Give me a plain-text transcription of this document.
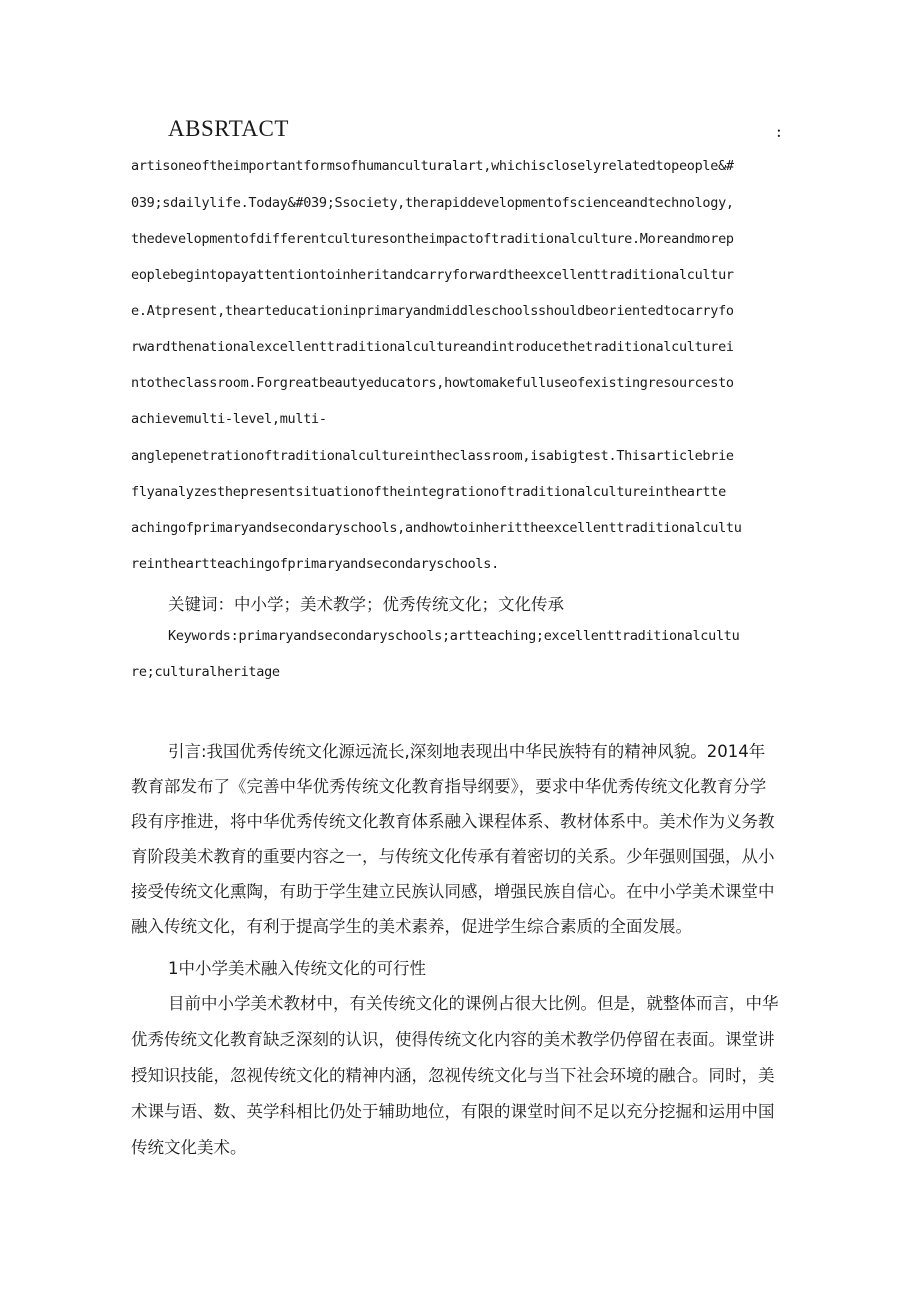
ABSRTACT	:
artisoneoftheimportantformsofhumanculturalart,whichiscloselyrelatedtopeople&#
039;sdailylife.Today&#039;Ssociety,therapiddevelopmentofscienceandtechnology,
thedevelopmentofdifferentculturesontheimpactoftraditionalculture.Moreandmorep
eoplebegintopayattentiontoinheritandcarryforwardtheexcellenttraditionalcultur
e.Atpresent,thearteducationinprimaryandmiddleschoolsshouldbeorientedtocarryfo
rwardthenationalexcellenttraditionalcultureandintroducethetraditionalculturei
ntotheclassroom.Forgreatbeautyeducators,howtomakefulluseofexistingresourcesto
achievemulti-level,multi-
anglepenetrationoftraditionalcultureintheclassroom,isabigtest.Thisarticlebrie
flyanalyzesthepresentsituationoftheintegrationoftraditionalcultureintheartte
achingofprimaryandsecondaryschools,andhowtoinherittheexcellenttraditionalcultu
reintheartteachingofprimaryandsecondaryschools.
关键词：中小学；美术教学；优秀传统文化；文化传承
Keywords:primaryandsecondaryschools;artteaching;excellenttraditionalcultu
re;culturalheritage
引言:我国优秀传统文化源远流长,深刻地表现出中华民族特有的精神风貌。2014年
教育部发布了《完善中华优秀传统文化教育指导纲要》，要求中华优秀传统文化教育分学
段有序推进，将中华优秀传统文化教育体系融入课程体系、教材体系中。美术作为义务教
育阶段美术教育的重要内容之一，与传统文化传承有着密切的关系。少年强则国强，从小
接受传统文化熏陶，有助于学生建立民族认同感，增强民族自信心。在中小学美术课堂中
融入传统文化，有利于提高学生的美术素养，促进学生综合素质的全面发展。
1中小学美术融入传统文化的可行性
目前中小学美术教材中，有关传统文化的课例占很大比例。但是，就整体而言，中华
优秀传统文化教育缺乏深刻的认识，使得传统文化内容的美术教学仍停留在表面。课堂讲
授知识技能，忽视传统文化的精神内涵，忽视传统文化与当下社会环境的融合。同时，美
术课与语、数、英学科相比仍处于辅助地位，有限的课堂时间不足以充分挖掘和运用中国
传统文化美术。
